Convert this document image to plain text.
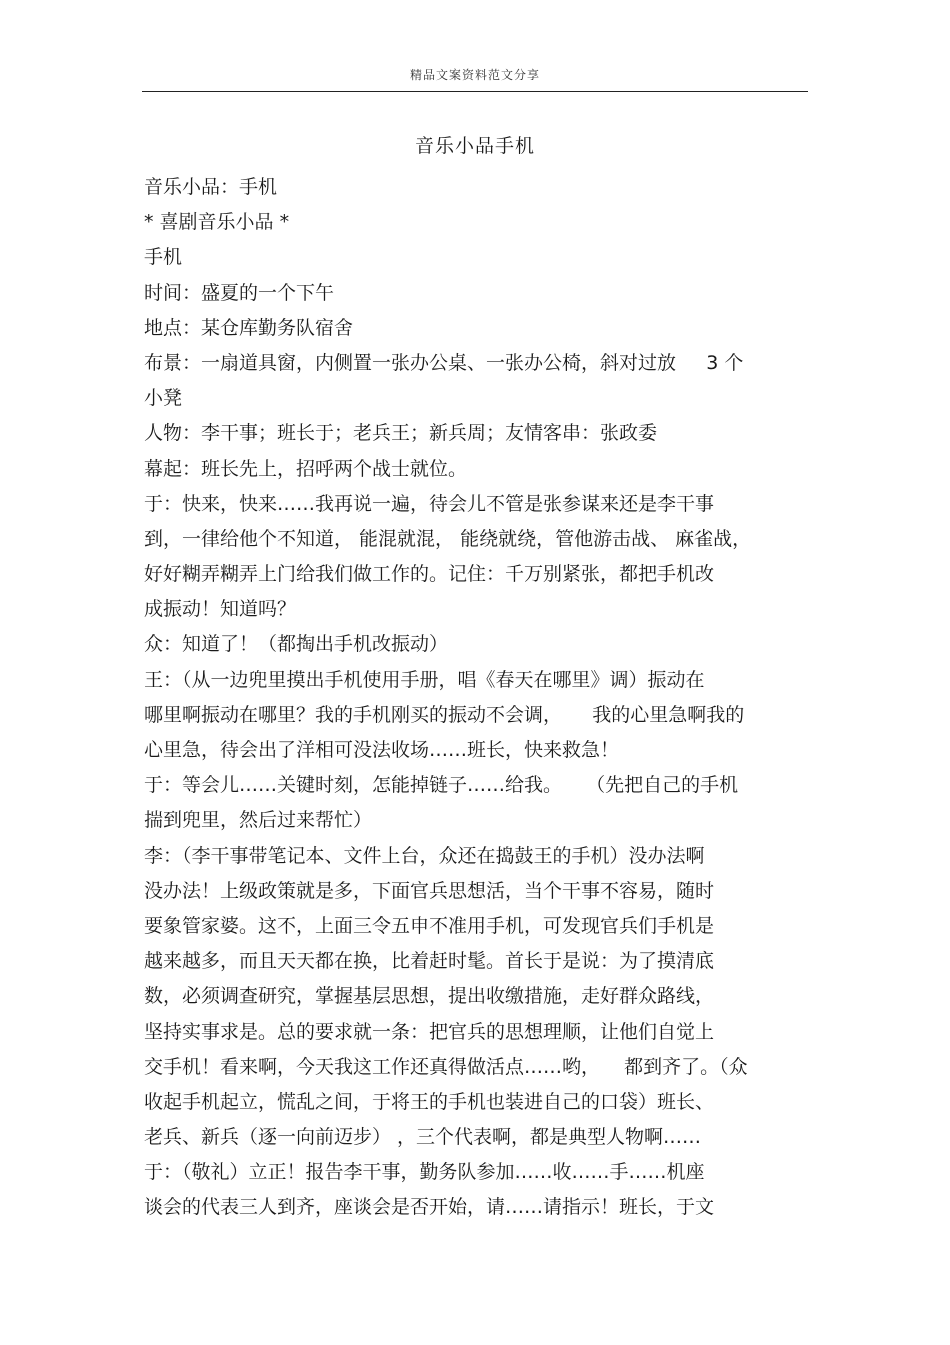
精品文案资料范文分享
音乐小品手机
音乐小品：手机
* 喜剧音乐小品 *
手机
时间：盛夏的一个下午
地点：某仓库勤务队宿舍
布景：一扇道具窗，内侧置一张办公桌、一张办公椅，斜对过放     3 个
小凳
人物：李干事；班长于；老兵王；新兵周；友情客串：张政委
幕起：班长先上，招呼两个战士就位。
于：快来，快来……我再说一遍，待会儿不管是张参谋来还是李干事
到，一律给他个不知道， 能混就混， 能绕就绕，管他游击战、 麻雀战，
好好糊弄糊弄上门给我们做工作的。记住：千万别紧张，都把手机改
成振动！知道吗？
众：知道了！（都掏出手机改振动）
王：（从一边兜里摸出手机使用手册，唱《春天在哪里》调）振动在
哪里啊振动在哪里？我的手机刚买的振动不会调，     我的心里急啊我的
心里急，待会出了洋相可没法收场……班长，快来救急！
于：等会儿……关键时刻，怎能掉链子……给我。    （先把自己的手机
揣到兜里，然后过来帮忙）
李：（李干事带笔记本、文件上台，众还在捣鼓王的手机）没办法啊
没办法！上级政策就是多，下面官兵思想活，当个干事不容易，随时
要象管家婆。这不，上面三令五申不准用手机，可发现官兵们手机是
越来越多，而且天天都在换，比着赶时髦。首长于是说：为了摸清底
数，必须调查研究，掌握基层思想，提出收缴措施，走好群众路线，
坚持实事求是。总的要求就一条：把官兵的思想理顺，让他们自觉上
交手机！看来啊，今天我这工作还真得做活点……哟，    都到齐了。（众
收起手机起立，慌乱之间，于将王的手机也装进自己的口袋）班长、
老兵、新兵（逐一向前迈步） ，三个代表啊，都是典型人物啊……
于：（敬礼）立正！报告李干事，勤务队参加……收……手……机座
谈会的代表三人到齐，座谈会是否开始，请……请指示！班长，于文
